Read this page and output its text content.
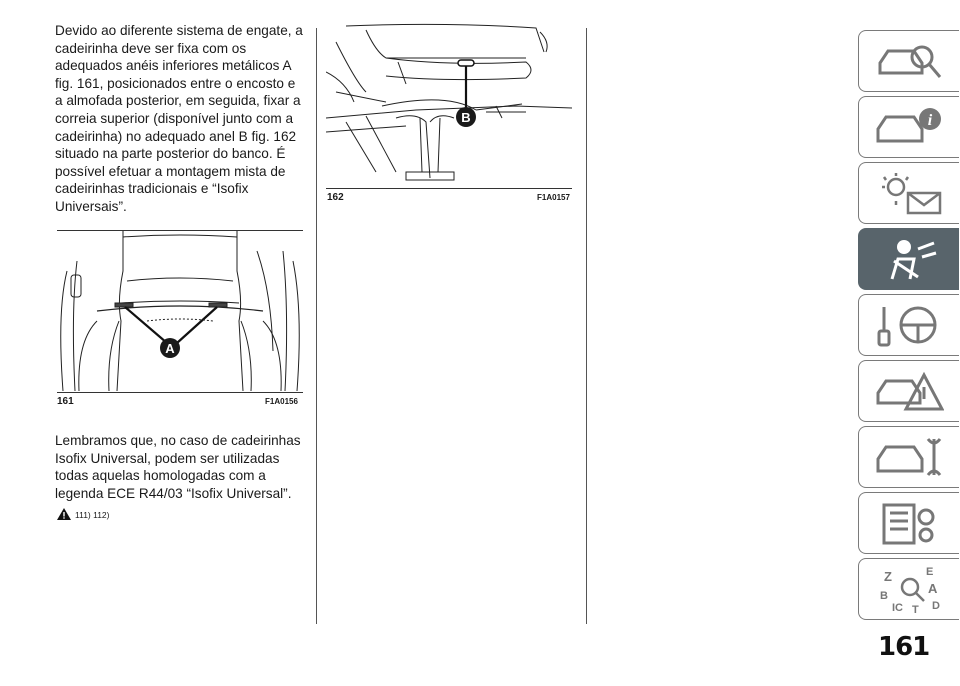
Devido ao diferente sistema de engate, a cadeirinha deve ser fixa com os adequados anéis inferiores metálicos A fig. 161, posicionados entre o encosto e a almofada posterior, em seguida, fixar a correia superior (disponível junto com a cadeirinha) no adequado anel B fig. 162 situado na parte posterior do banco. É possível efetuar a montagem mista de cadeirinhas tradicionais e “Isofix Universais”.

A
161	F1A0156

Lembramos que, no caso de cadeirinhas Isofix Universal, podem ser utilizadas todas aquelas homologadas com a legenda ECE R44/03 “Isofix Universal”.

111) 112)
B
162	F1A0157
i
Z
B
E
A
D
IC T
161
